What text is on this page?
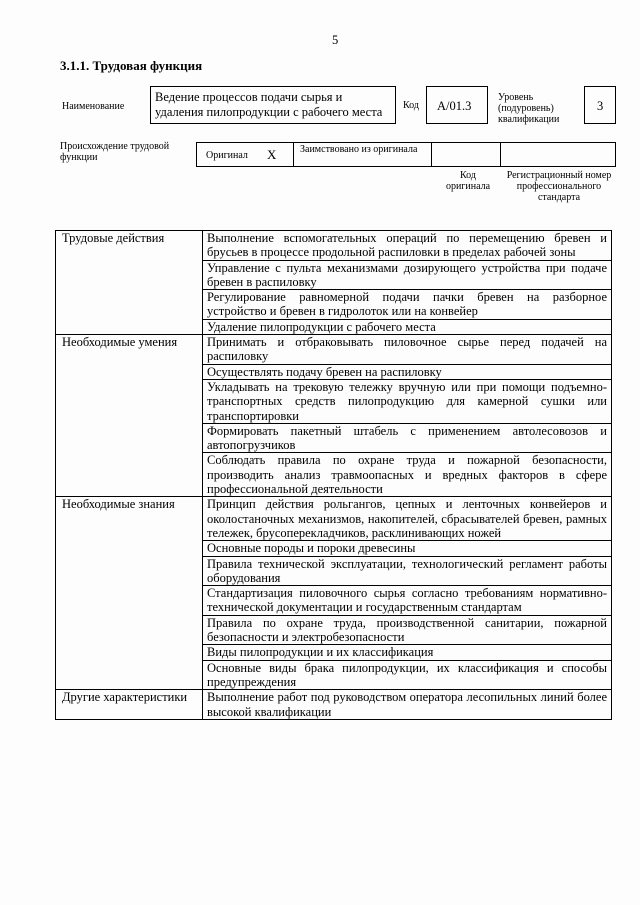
5
3.1.1. Трудовая функция
Наименование
Ведение процессов подачи сырья и удаления пилопродукции с рабочего места	Код	А/01.3
Уровень (подуровень) квалификации
3
Происхождение трудовой функции	Оригинал X Заимствовано из оригинала
Код оригинала
Регистрационный номер профессионального стандарта
Трудовые действия	Выполнение вспомогательных операций по перемещению бревен и брусьев в процессе продольной распиловки в пределах рабочей зоны
	Управление с пульта механизмами дозирующего устройства при подаче бревен в распиловку
	Регулирование равномерной подачи пачки бревен на разборное устройство и бревен в гидролоток или на конвейер
	Удаление пилопродукции с рабочего места
Необходимые умения	Принимать и отбраковывать пиловочное сырье перед подачей на распиловку
	Осуществлять подачу бревен на распиловку
	Укладывать на трековую тележку вручную или при помощи подъемно-транспортных средств пилопродукцию для камерной сушки или транспортировки
	Формировать пакетный штабель с применением автолесовозов и автопогрузчиков
	Соблюдать правила по охране труда и пожарной безопасности, производить анализ травмоопасных и вредных факторов в сфере профессиональной деятельности
Необходимые знания	Принцип действия рольгангов, цепных и ленточных конвейеров и околостаночных механизмов, накопителей, сбрасывателей бревен, рамных тележек, брусоперекладчиков, расклинивающих ножей
	Основные породы и пороки древесины
	Правила технической эксплуатации, технологический регламент работы оборудования
	Стандартизация пиловочного сырья согласно требованиям нормативно-технической документации и государственным стандартам
	Правила по охране труда, производственной санитарии, пожарной безопасности и электробезопасности
	Виды пилопродукции и их классификация
	Основные виды брака пилопродукции, их классификация и способы предупреждения
Другие характеристики	Выполнение работ под руководством оператора лесопильных линий более высокой квалификации
